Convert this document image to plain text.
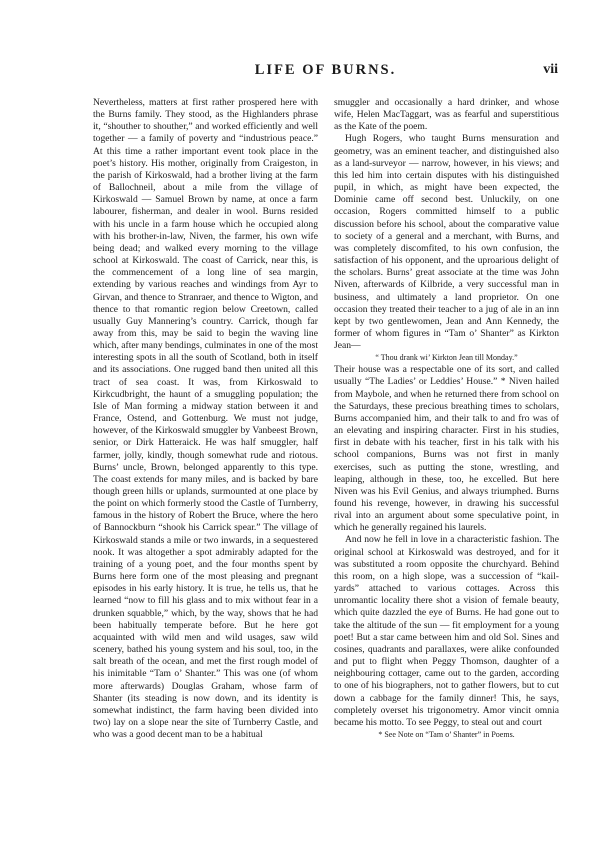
LIFE OF BURNS.	vii

Nevertheless, matters at first rather prospered here with the Burns family. They stood, as the Highlanders phrase it, “shouther to shouther,” and worked efficiently and well together — a family of poverty and “industrious peace.” At this time a rather important event took place in the poet’s history. His mother, originally from Craigeston, in the parish of Kirkoswald, had a brother living at the farm of Ballochneil, about a mile from the village of Kirkoswald — Samuel Brown by name, at once a farm labourer, fisherman, and dealer in wool. Burns resided with his uncle in a farm house which he occupied along with his brother-in-law, Niven, the farmer, his own wife being dead; and walked every morning to the village school at Kirkoswald. The coast of Carrick, near this, is the commencement of a long line of sea margin, extending by various reaches and windings from Ayr to Girvan, and thence to Stranraer, and thence to Wigton, and thence to that romantic region below Creetown, called usually Guy Mannering’s country. Carrick, though far away from this, may be said to begin the waving line which, after many bendings, culminates in one of the most interesting spots in all the south of Scotland, both in itself and its associations. One rugged band then united all this tract of sea coast. It was, from Kirkoswald to Kirkcudbright, the haunt of a smuggling population; the Isle of Man forming a midway station between it and France, Ostend, and Gottenburg. We must not judge, however, of the Kirkoswald smuggler by Vanbeest Brown, senior, or Dirk Hatteraick. He was half smuggler, half farmer, jolly, kindly, though somewhat rude and riotous. Burns’ uncle, Brown, belonged apparently to this type. The coast extends for many miles, and is backed by bare though green hills or uplands, surmounted at one place by the point on which formerly stood the Castle of Turnberry, famous in the history of Robert the Bruce, where the hero of Bannockburn “shook his Carrick spear.” The village of Kirkoswald stands a mile or two inwards, in a sequestered nook. It was altogether a spot admirably adapted for the training of a young poet, and the four months spent by Burns here form one of the most pleasing and pregnant episodes in his early history. It is true, he tells us, that he learned “now to fill his glass and to mix without fear in a drunken squabble,” which, by the way, shows that he had been habitually temperate before. But he here got acquainted with wild men and wild usages, saw wild scenery, bathed his young system and his soul, too, in the salt breath of the ocean, and met the first rough model of his inimitable “Tam o’ Shanter.” This was one (of whom more afterwards) Douglas Graham, whose farm of Shanter (its steading is now down, and its identity is somewhat indistinct, the farm having been divided into two) lay on a slope near the site of Turnberry Castle, and who was a good decent man to be a habitual

smuggler and occasionally a hard drinker, and whose wife, Helen MacTaggart, was as fearful and superstitious as the Kate of the poem.

Hugh Rogers, who taught Burns mensuration and geometry, was an eminent teacher, and distinguished also as a land-surveyor — narrow, however, in his views; and this led him into certain disputes with his distinguished pupil, in which, as might have been expected, the Dominie came off second best. Unluckily, on one occasion, Rogers committed himself to a public discussion before his school, about the comparative value to society of a general and a merchant, with Burns, and was completely discomfited, to his own confusion, the satisfaction of his opponent, and the uproarious delight of the scholars. Burns’ great associate at the time was John Niven, afterwards of Kilbride, a very successful man in business, and ultimately a land proprietor. On one occasion they treated their teacher to a jug of ale in an inn kept by two gentlewomen, Jean and Ann Kennedy, the former of whom figures in “Tam o’ Shanter” as Kirkton Jean—

“ Thou drank wi’ Kirkton Jean till Monday.”

Their house was a respectable one of its sort, and called usually “The Ladies’ or Leddies’ House.” * Niven hailed from Maybole, and when he returned there from school on the Saturdays, these precious breathing times to scholars, Burns accompanied him, and their talk to and fro was of an elevating and inspiring character. First in his studies, first in debate with his teacher, first in his talk with his school companions, Burns was not first in manly exercises, such as putting the stone, wrestling, and leaping, although in these, too, he excelled. But here Niven was his Evil Genius, and always triumphed. Burns found his revenge, however, in drawing his successful rival into an argument about some speculative point, in which he generally regained his laurels.

And now he fell in love in a characteristic fashion. The original school at Kirkoswald was destroyed, and for it was substituted a room opposite the churchyard. Behind this room, on a high slope, was a succession of “kail-yards” attached to various cottages. Across this unromantic locality there shot a vision of female beauty, which quite dazzled the eye of Burns. He had gone out to take the altitude of the sun — fit employment for a young poet! But a star came between him and old Sol. Sines and cosines, quadrants and parallaxes, were alike confounded and put to flight when Peggy Thomson, daughter of a neighbouring cottager, came out to the garden, according to one of his biographers, not to gather flowers, but to cut down a cabbage for the family dinner! This, he says, completely overset his trigonometry. Amor vincit omnia became his motto. To see Peggy, to steal out and court

* See Note on “Tam o’ Shanter” in Poems.
